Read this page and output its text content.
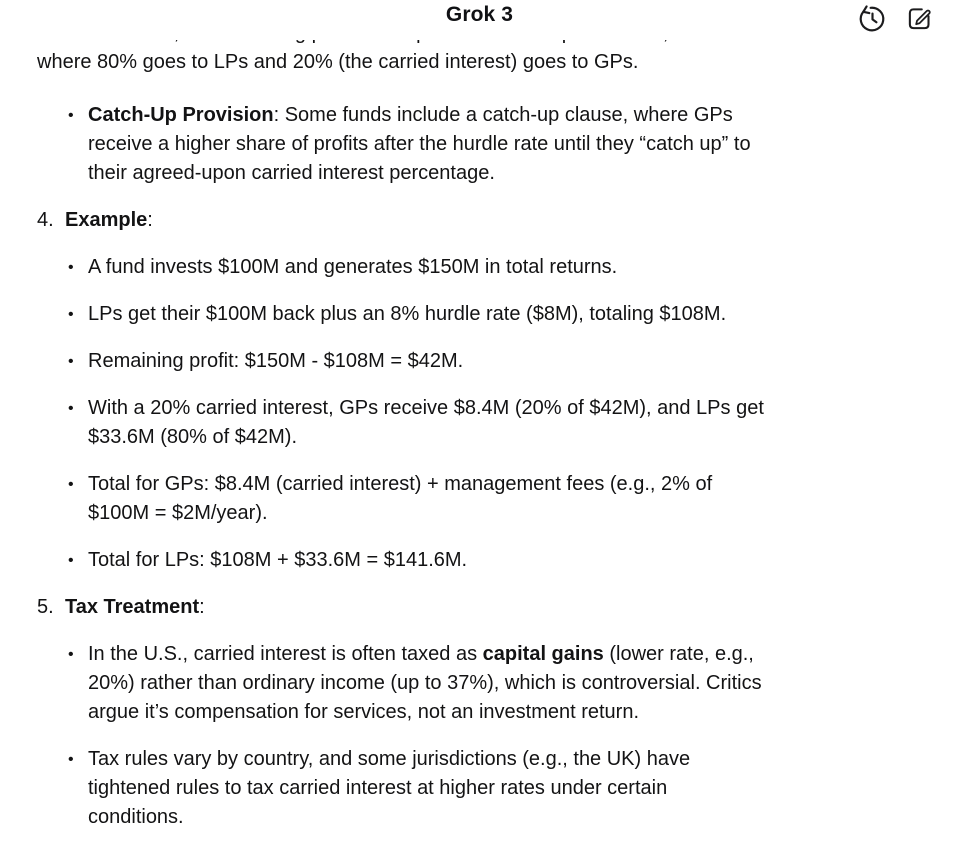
where 80% goes to LPs and 20% (the carried interest) goes to GPs.

• Catch-Up Provision: Some funds include a catch-up clause, where GPs
receive a higher share of profits after the hurdle rate until they “catch up” to
their agreed-upon carried interest percentage.
4. Example:
• A fund invests $100M and generates $150M in total returns.
• LPs get their $100M back plus an 8% hurdle rate ($8M), totaling $108M.
• Remaining profit: $150M - $108M = $42M.
• With a 20% carried interest, GPs receive $8.4M (20% of $42M), and LPs get
$33.6M (80% of $42M).
• Total for GPs: $8.4M (carried interest) + management fees (e.g., 2% of
$100M = $2M/year).
• Total for LPs: $108M + $33.6M = $141.6M.
5. Tax Treatment:
• In the U.S., carried interest is often taxed as capital gains (lower rate, e.g.,
20%) rather than ordinary income (up to 37%), which is controversial. Critics
argue it’s compensation for services, not an investment return.
• Tax rules vary by country, and some jurisdictions (e.g., the UK) have
tightened rules to tax carried interest at higher rates under certain
conditions.
Grok 3
